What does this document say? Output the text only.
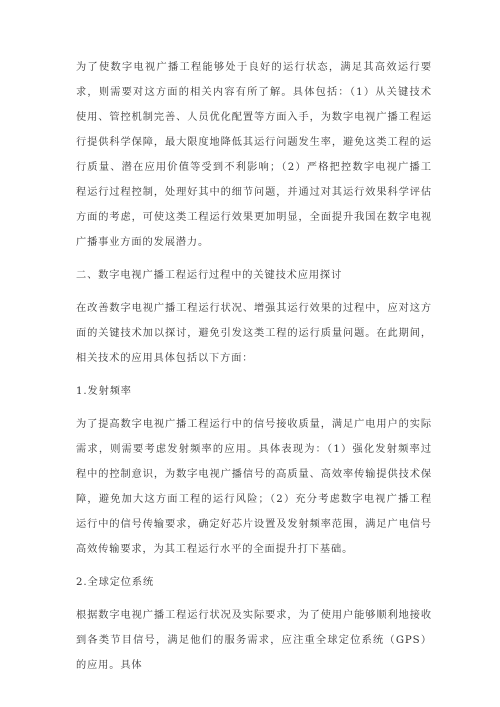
为了使数字电视广播工程能够处于良好的运行状态，满足其高效运行要求，则需要对这方面的相关内容有所了解。具体包括：（1）从关键技术使用、管控机制完善、人员优化配置等方面入手，为数字电视广播工程运行提供科学保障，最大限度地降低其运行问题发生率，避免这类工程的运行质量、潜在应用价值等受到不利影响；（2）严格把控数字电视广播工程运行过程控制，处理好其中的细节问题，并通过对其运行效果科学评估方面的考虑，可使这类工程运行效果更加明显，全面提升我国在数字电视广播事业方面的发展潜力。

二、数字电视广播工程运行过程中的关键技术应用探讨

在改善数字电视广播工程运行状况、增强其运行效果的过程中，应对这方面的关键技术加以探讨，避免引发这类工程的运行质量问题。在此期间，相关技术的应用具体包括以下方面：

1.发射频率

为了提高数字电视广播工程运行中的信号接收质量，满足广电用户的实际需求，则需要考虑发射频率的应用。具体表现为：（1）强化发射频率过程中的控制意识，为数字电视广播信号的高质量、高效率传输提供技术保障，避免加大这方面工程的运行风险；（2）充分考虑数字电视广播工程运行中的信号传输要求，确定好芯片设置及发射频率范围，满足广电信号高效传输要求，为其工程运行水平的全面提升打下基础。

2.全球定位系统

根据数字电视广播工程运行状况及实际要求，为了使用户能够顺利地接收到各类节目信号，满足他们的服务需求，应注重全球定位系统（GPS）的应用。具体
